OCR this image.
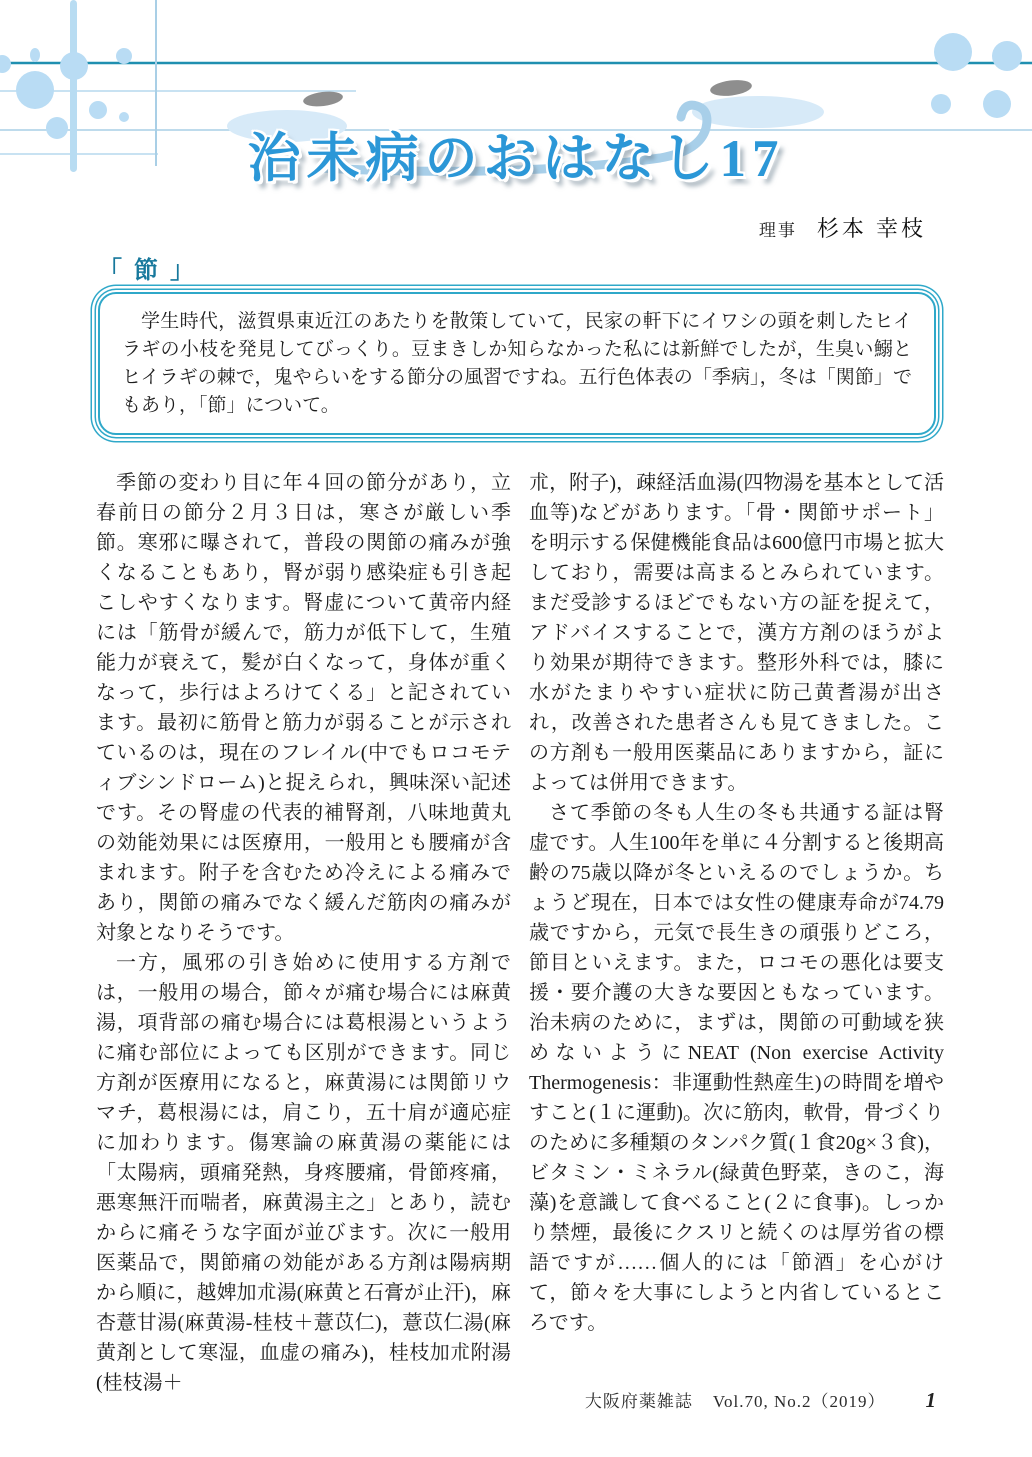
治未病のおはなし17
理事 杉本 幸枝
「 節 」

学生時代，滋賀県東近江のあたりを散策していて，民家の軒下にイワシの頭を刺したヒイラギの小枝を発見してびっくり。豆まきしか知らなかった私には新鮮でしたが，生臭い鰯とヒイラギの棘で，鬼やらいをする節分の風習ですね。五行色体表の「季病」，冬は「関節」でもあり，「節」について。

季節の変わり目に年４回の節分があり，立春前日の節分２月３日は，寒さが厳しい季節。寒邪に曝されて，普段の関節の痛みが強くなることもあり，腎が弱り感染症も引き起こしやすくなります。腎虚について黄帝内経には「筋骨が緩んで，筋力が低下して，生殖能力が衰えて，髪が白くなって，身体が重くなって，歩行はよろけてくる」と記されています。最初に筋骨と筋力が弱ることが示されているのは，現在のフレイル(中でもロコモティブシンドローム)と捉えられ，興味深い記述です。その腎虚の代表的補腎剤，八味地黄丸の効能効果には医療用，一般用とも腰痛が含まれます。附子を含むため冷えによる痛みであり，関節の痛みでなく緩んだ筋肉の痛みが対象となりそうです。

一方，風邪の引き始めに使用する方剤では，一般用の場合，節々が痛む場合には麻黄湯，項背部の痛む場合には葛根湯というように痛む部位によっても区別ができます。同じ方剤が医療用になると，麻黄湯には関節リウマチ，葛根湯には，肩こり，五十肩が適応症に加わります。傷寒論の麻黄湯の薬能には「太陽病，頭痛発熱，身疼腰痛，骨節疼痛，悪寒無汗而喘者，麻黄湯主之」とあり，読むからに痛そうな字面が並びます。次に一般用医薬品で，関節痛の効能がある方剤は陽病期から順に，越婢加朮湯(麻黄と石膏が止汗)，麻杏薏甘湯(麻黄湯-桂枝＋薏苡仁)，薏苡仁湯(麻黄剤として寒湿，血虚の痛み)，桂枝加朮附湯(桂枝湯＋

朮，附子)，疎経活血湯(四物湯を基本として活血等)などがあります。「骨・関節サポート」を明示する保健機能食品は600億円市場と拡大しており，需要は高まるとみられています。まだ受診するほどでもない方の証を捉えて，アドバイスすることで，漢方方剤のほうがより効果が期待できます。整形外科では，膝に水がたまりやすい症状に防己黄耆湯が出され，改善された患者さんも見てきました。この方剤も一般用医薬品にありますから，証によっては併用できます。

さて季節の冬も人生の冬も共通する証は腎虚です。人生100年を単に４分割すると後期高齢の75歳以降が冬といえるのでしょうか。ちょうど現在，日本では女性の健康寿命が74.79歳ですから，元気で長生きの頑張りどころ，節目といえます。また，ロコモの悪化は要支援・要介護の大きな要因ともなっています。治未病のために，まずは，関節の可動域を狭めないようにNEAT (Non exercise Activity Thermogenesis：非運動性熱産生)の時間を増やすこと(１に運動)。次に筋肉，軟骨，骨づくりのために多種類のタンパク質(１食20g×３食)，ビタミン・ミネラル(緑黄色野菜，きのこ，海藻)を意識して食べること(２に食事)。しっかり禁煙，最後にクスリと続くのは厚労省の標語ですが……個人的には「節酒」を心がけて，節々を大事にしようと内省しているところです。

大阪府薬雑誌 Vol.70, No.2（2019） 1
